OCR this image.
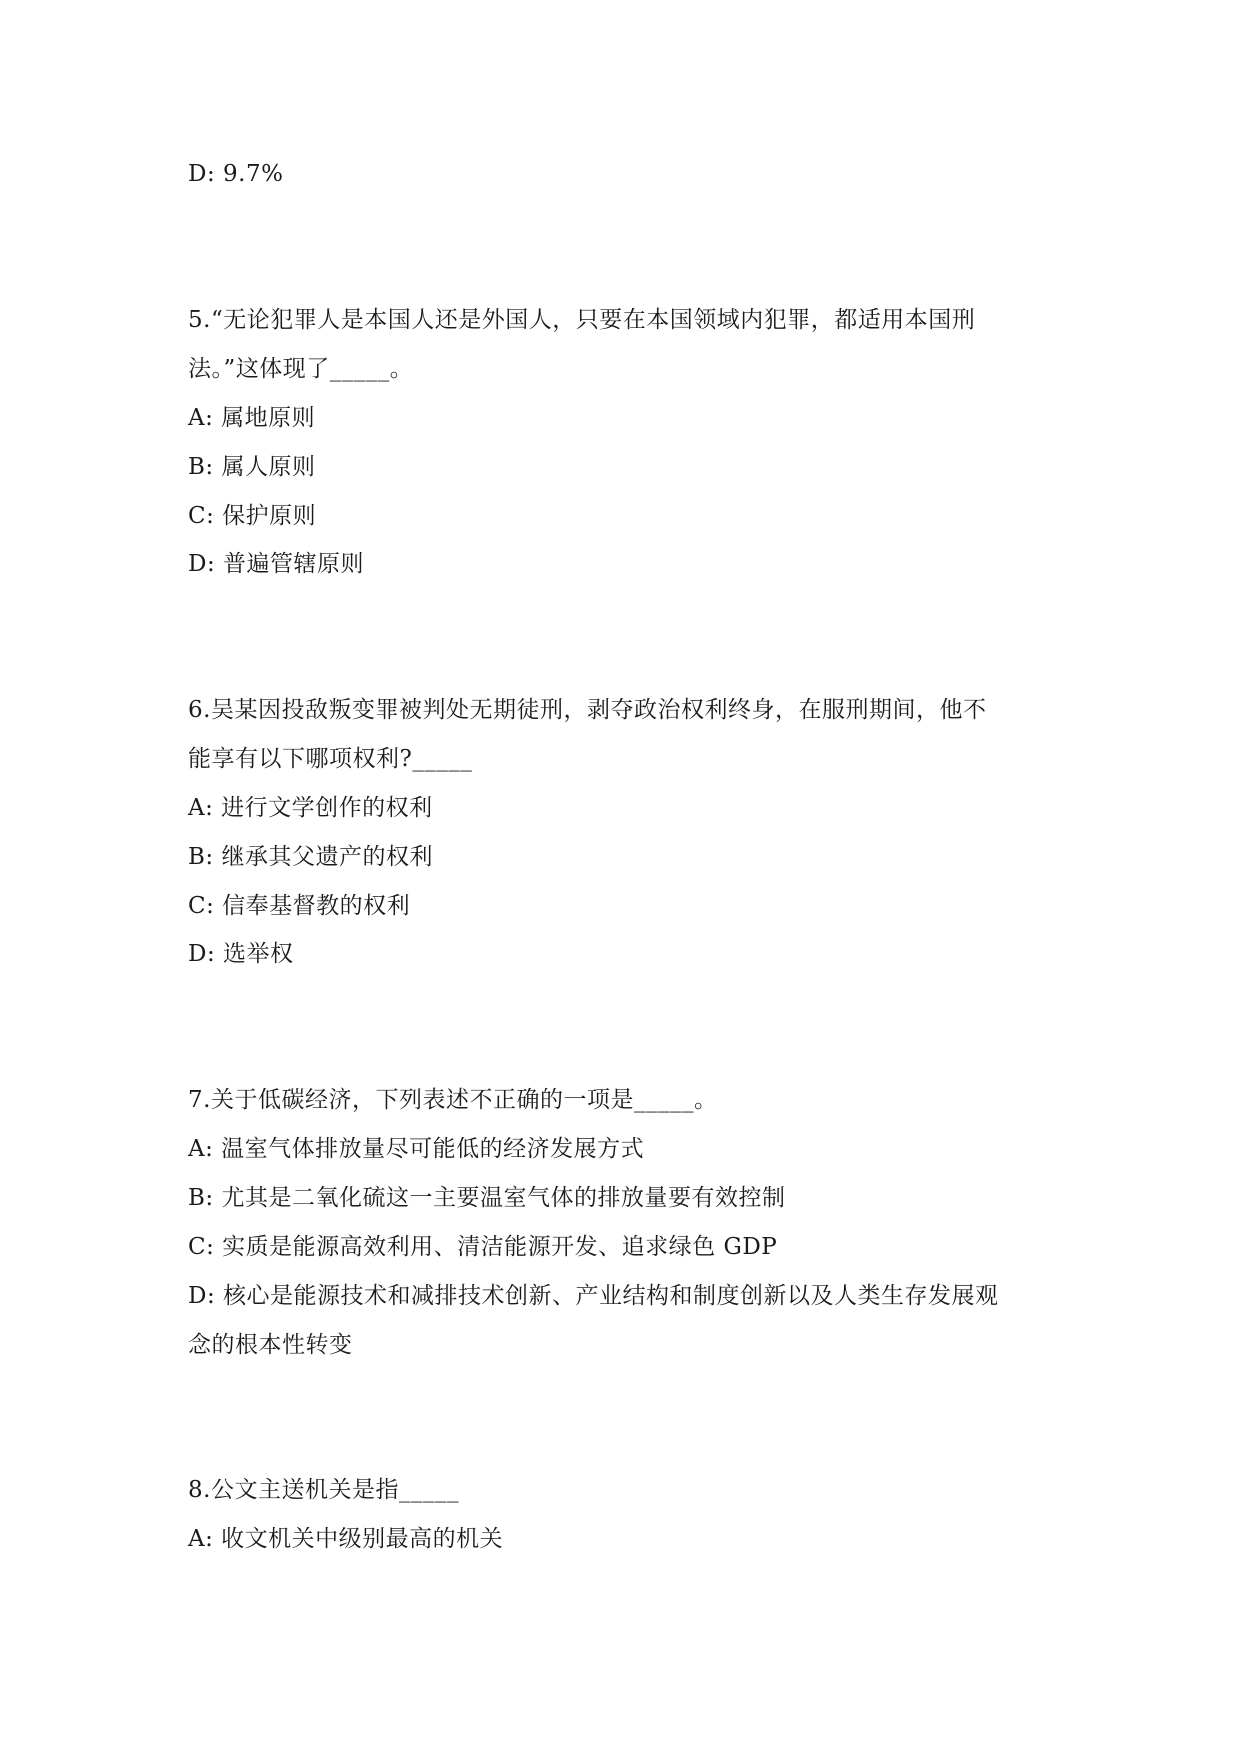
D: 9.7%
5.“无论犯罪人是本国人还是外国人，只要在本国领域内犯罪，都适用本国刑
法。”这体现了_____。
A: 属地原则
B: 属人原则
C: 保护原则
D: 普遍管辖原则
6.吴某因投敌叛变罪被判处无期徒刑，剥夺政治权利终身，在服刑期间，他不
能享有以下哪项权利?_____
A: 进行文学创作的权利
B: 继承其父遗产的权利
C: 信奉基督教的权利
D: 选举权
7.关于低碳经济，下列表述不正确的一项是_____。
A: 温室气体排放量尽可能低的经济发展方式
B: 尤其是二氧化硫这一主要温室气体的排放量要有效控制
C: 实质是能源高效利用、清洁能源开发、追求绿色 GDP
D: 核心是能源技术和减排技术创新、产业结构和制度创新以及人类生存发展观
念的根本性转变
8.公文主送机关是指_____
A: 收文机关中级别最高的机关
